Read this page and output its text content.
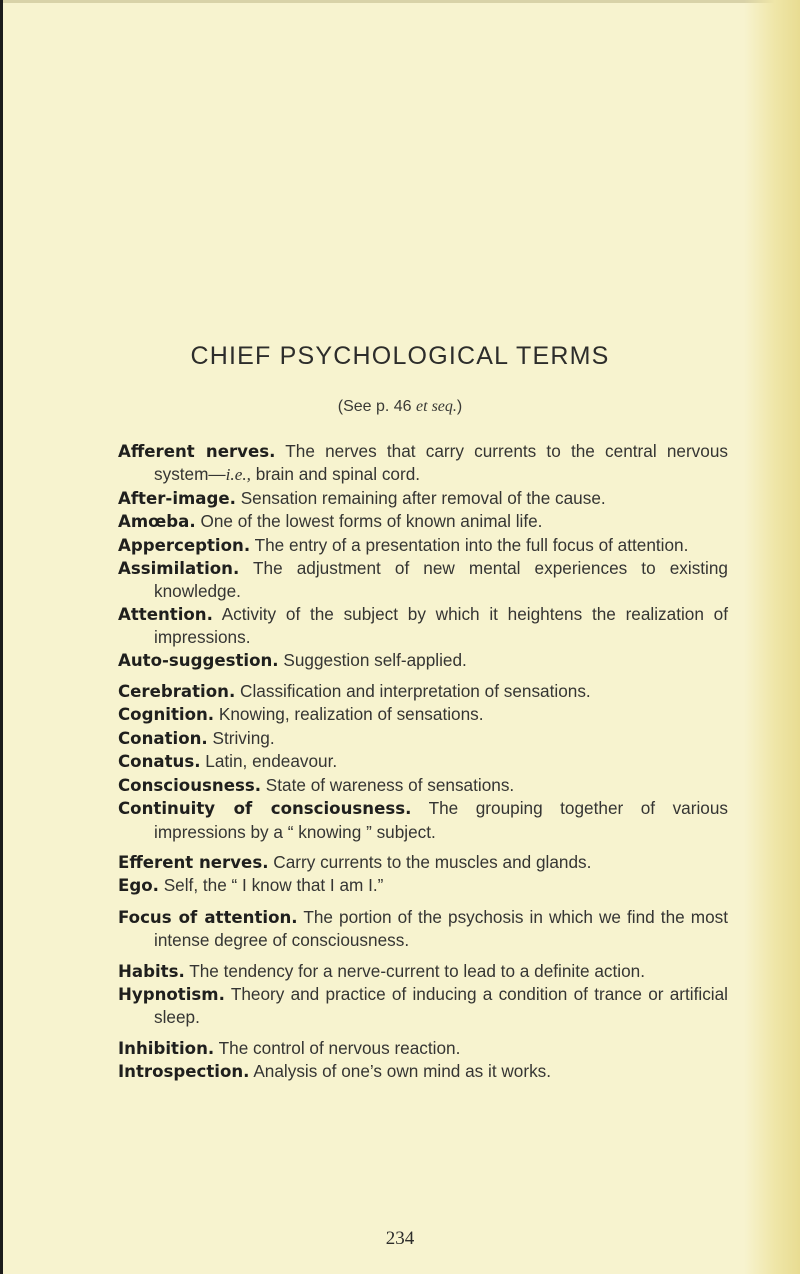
CHIEF PSYCHOLOGICAL TERMS
(See p. 46 et seq.)
Afferent nerves. The nerves that carry currents to the central nervous system—i.e., brain and spinal cord.
After-image. Sensation remaining after removal of the cause.
Amœba. One of the lowest forms of known animal life.
Apperception. The entry of a presentation into the full focus of attention.
Assimilation. The adjustment of new mental experiences to existing knowledge.
Attention. Activity of the subject by which it heightens the realization of impressions.
Auto-suggestion. Suggestion self-applied.
Cerebration. Classification and interpretation of sensations.
Cognition. Knowing, realization of sensations.
Conation. Striving.
Conatus. Latin, endeavour.
Consciousness. State of wareness of sensations.
Continuity of consciousness. The grouping together of various impressions by a “ knowing ” subject.
Efferent nerves. Carry currents to the muscles and glands.
Ego. Self, the “ I know that I am I.”
Focus of attention. The portion of the psychosis in which we find the most intense degree of consciousness.
Habits. The tendency for a nerve-current to lead to a definite action.
Hypnotism. Theory and practice of inducing a condition of trance or artificial sleep.
Inhibition. The control of nervous reaction.
Introspection. Analysis of one’s own mind as it works.
234
